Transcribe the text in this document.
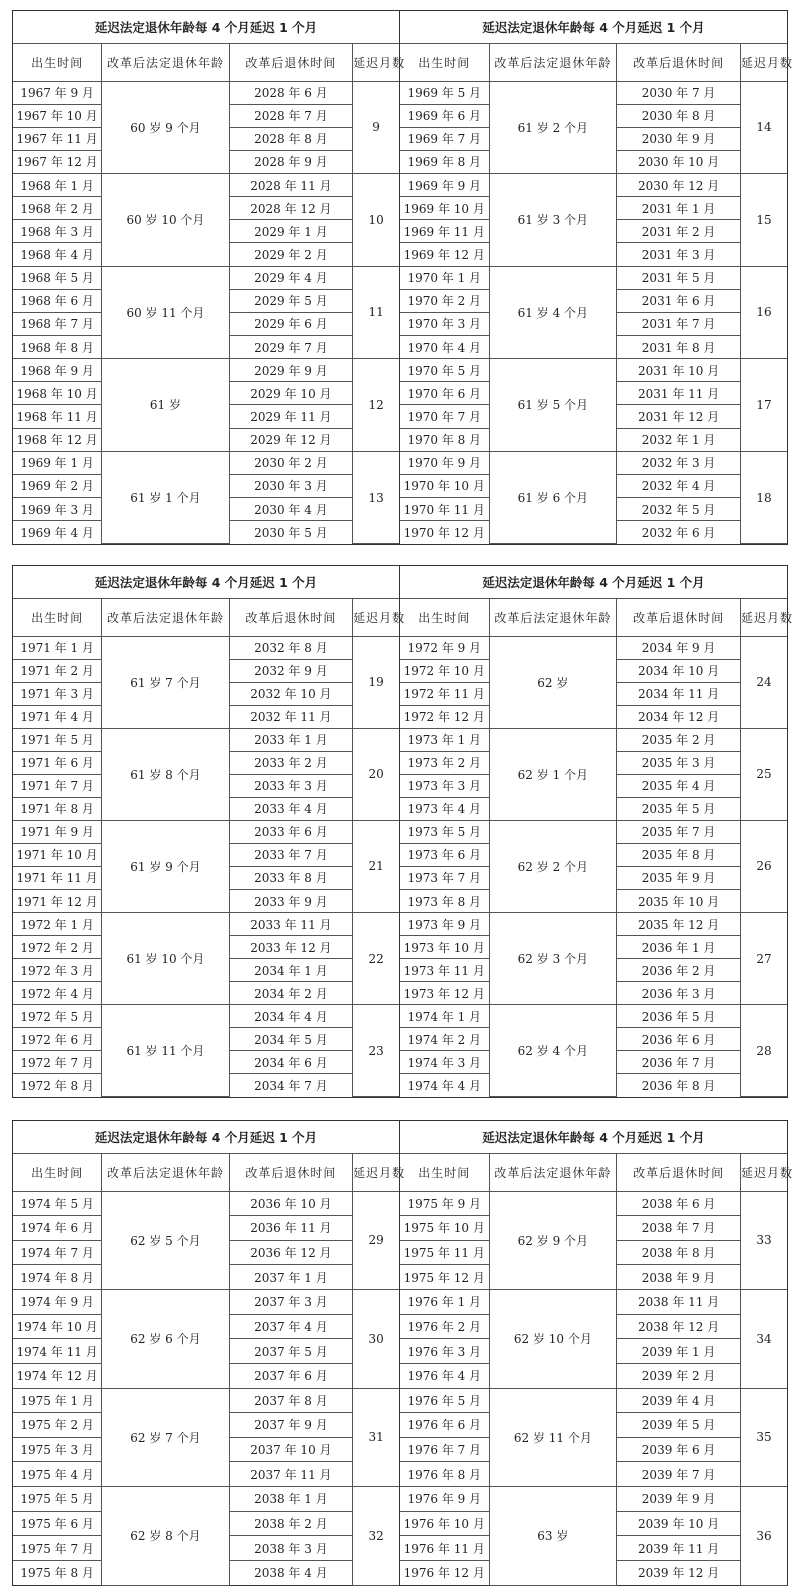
延迟法定退休年龄每 4 个月延迟 1 个月			
出生时间	改革后法定退休年龄	改革后退休时间	延迟月数
1967 年 9 月	60 岁 9 个月	2028 年 6 月	9
1967 年 10 月		2028 年 7 月	
1967 年 11 月		2028 年 8 月	
1967 年 12 月		2028 年 9 月	
1968 年 1 月	60 岁 10 个月	2028 年 11 月	10
1968 年 2 月		2028 年 12 月	
1968 年 3 月		2029 年 1 月	
1968 年 4 月		2029 年 2 月	
1968 年 5 月	60 岁 11 个月	2029 年 4 月	11
1968 年 6 月		2029 年 5 月	
1968 年 7 月		2029 年 6 月	
1968 年 8 月		2029 年 7 月	
1968 年 9 月	61 岁	2029 年 9 月	12
1968 年 10 月		2029 年 10 月	
1968 年 11 月		2029 年 11 月	
1968 年 12 月		2029 年 12 月	
1969 年 1 月	61 岁 1 个月	2030 年 2 月	13
1969 年 2 月		2030 年 3 月	
1969 年 3 月		2030 年 4 月	
1969 年 4 月		2030 年 5 月	
延迟法定退休年龄每 4 个月延迟 1 个月			
出生时间	改革后法定退休年龄	改革后退休时间	延迟月数
1969 年 5 月	61 岁 2 个月	2030 年 7 月	14
1969 年 6 月		2030 年 8 月	
1969 年 7 月		2030 年 9 月	
1969 年 8 月		2030 年 10 月	
1969 年 9 月	61 岁 3 个月	2030 年 12 月	15
1969 年 10 月		2031 年 1 月	
1969 年 11 月		2031 年 2 月	
1969 年 12 月		2031 年 3 月	
1970 年 1 月	61 岁 4 个月	2031 年 5 月	16
1970 年 2 月		2031 年 6 月	
1970 年 3 月		2031 年 7 月	
1970 年 4 月		2031 年 8 月	
1970 年 5 月	61 岁 5 个月	2031 年 10 月	17
1970 年 6 月		2031 年 11 月	
1970 年 7 月		2031 年 12 月	
1970 年 8 月		2032 年 1 月	
1970 年 9 月	61 岁 6 个月	2032 年 3 月	18
1970 年 10 月		2032 年 4 月	
1970 年 11 月		2032 年 5 月	
1970 年 12 月		2032 年 6 月	
延迟法定退休年龄每 4 个月延迟 1 个月			
出生时间	改革后法定退休年龄	改革后退休时间	延迟月数
1971 年 1 月	61 岁 7 个月	2032 年 8 月	19
1971 年 2 月		2032 年 9 月	
1971 年 3 月		2032 年 10 月	
1971 年 4 月		2032 年 11 月	
1971 年 5 月	61 岁 8 个月	2033 年 1 月	20
1971 年 6 月		2033 年 2 月	
1971 年 7 月		2033 年 3 月	
1971 年 8 月		2033 年 4 月	
1971 年 9 月	61 岁 9 个月	2033 年 6 月	21
1971 年 10 月		2033 年 7 月	
1971 年 11 月		2033 年 8 月	
1971 年 12 月		2033 年 9 月	
1972 年 1 月	61 岁 10 个月	2033 年 11 月	22
1972 年 2 月		2033 年 12 月	
1972 年 3 月		2034 年 1 月	
1972 年 4 月		2034 年 2 月	
1972 年 5 月	61 岁 11 个月	2034 年 4 月	23
1972 年 6 月		2034 年 5 月	
1972 年 7 月		2034 年 6 月	
1972 年 8 月		2034 年 7 月	
延迟法定退休年龄每 4 个月延迟 1 个月			
出生时间	改革后法定退休年龄	改革后退休时间	延迟月数
1972 年 9 月	62 岁	2034 年 9 月	24
1972 年 10 月		2034 年 10 月	
1972 年 11 月		2034 年 11 月	
1972 年 12 月		2034 年 12 月	
1973 年 1 月	62 岁 1 个月	2035 年 2 月	25
1973 年 2 月		2035 年 3 月	
1973 年 3 月		2035 年 4 月	
1973 年 4 月		2035 年 5 月	
1973 年 5 月	62 岁 2 个月	2035 年 7 月	26
1973 年 6 月		2035 年 8 月	
1973 年 7 月		2035 年 9 月	
1973 年 8 月		2035 年 10 月	
1973 年 9 月	62 岁 3 个月	2035 年 12 月	27
1973 年 10 月		2036 年 1 月	
1973 年 11 月		2036 年 2 月	
1973 年 12 月		2036 年 3 月	
1974 年 1 月	62 岁 4 个月	2036 年 5 月	28
1974 年 2 月		2036 年 6 月	
1974 年 3 月		2036 年 7 月	
1974 年 4 月		2036 年 8 月	
延迟法定退休年龄每 4 个月延迟 1 个月			
出生时间	改革后法定退休年龄	改革后退休时间	延迟月数
1974 年 5 月	62 岁 5 个月	2036 年 10 月	29
1974 年 6 月		2036 年 11 月	
1974 年 7 月		2036 年 12 月	
1974 年 8 月		2037 年 1 月	
1974 年 9 月	62 岁 6 个月	2037 年 3 月	30
1974 年 10 月		2037 年 4 月	
1974 年 11 月		2037 年 5 月	
1974 年 12 月		2037 年 6 月	
1975 年 1 月	62 岁 7 个月	2037 年 8 月	31
1975 年 2 月		2037 年 9 月	
1975 年 3 月		2037 年 10 月	
1975 年 4 月		2037 年 11 月	
1975 年 5 月	62 岁 8 个月	2038 年 1 月	32
1975 年 6 月		2038 年 2 月	
1975 年 7 月		2038 年 3 月	
1975 年 8 月		2038 年 4 月	
延迟法定退休年龄每 4 个月延迟 1 个月			
出生时间	改革后法定退休年龄	改革后退休时间	延迟月数
1975 年 9 月	62 岁 9 个月	2038 年 6 月	33
1975 年 10 月		2038 年 7 月	
1975 年 11 月		2038 年 8 月	
1975 年 12 月		2038 年 9 月	
1976 年 1 月	62 岁 10 个月	2038 年 11 月	34
1976 年 2 月		2038 年 12 月	
1976 年 3 月		2039 年 1 月	
1976 年 4 月		2039 年 2 月	
1976 年 5 月	62 岁 11 个月	2039 年 4 月	35
1976 年 6 月		2039 年 5 月	
1976 年 7 月		2039 年 6 月	
1976 年 8 月		2039 年 7 月	
1976 年 9 月	63 岁	2039 年 9 月	36
1976 年 10 月		2039 年 10 月	
1976 年 11 月		2039 年 11 月	
1976 年 12 月		2039 年 12 月	
